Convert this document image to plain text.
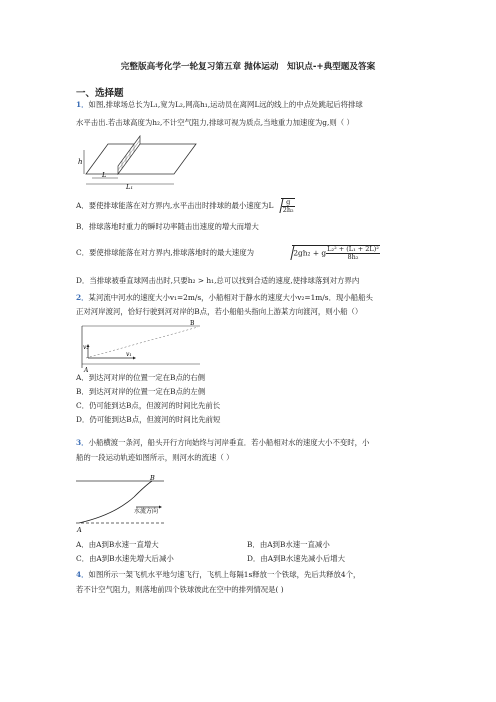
完整版高考化学一轮复习第五章 抛体运动　知识点-+典型题及答案
一、选择题
1．如图,排球场总长为L₁,宽为L₂,网高h₁,运动员在离网L远的线上的中点处跳起后将排球
水平击出.若击球高度为h₂,不计空气阻力,排球可视为质点,当地重力加速度为g,则（ ）
h
L
L₁
A．要使排球能落在对方界内,水平击出时排球的最小速度为L $\frac{g}{\text{2h₂}}$
B．排球落地时重力的瞬时功率随击出速度的增大而增大
C．要使排球能落在对方界内,排球落地时的最大速度为	2gh₂ + g $\frac{\text{L₂² + (L₁ + 2L)²}}{\text{8h₂}}$
D．当排球被垂直球网击出时,只要h₂ > h₁,总可以找到合适的速度,使排球落到对方界内
2．某河流中河水的速度大小v₁=2m/s，小船相对于静水的速度大小v₂=1m/s．现小船船头
正对河岸渡河，恰好行驶到河对岸的B点，若小船船头指向上游某方向渡河，则小船（）
B
A
v₂
v₁
A．到达河对岸的位置一定在B点的右侧
B．到达河对岸的位置一定在B点的左侧
C．仍可能到达B点，但渡河的时间比先前长
D．仍可能到达B点，但渡河的时间比先前短
3．小船横渡一条河，船头开行方向始终与河岸垂直．若小船相对水的速度大小不变时，小
船的一段运动轨迹如图所示，则河水的流速（ ）
B
A
水流方向
A．由A到B水速一直增大	B．由A到B水速一直减小
C．由A到B水速先增大后减小	D．由A到B水速先减小后增大
4．如图所示一架飞机水平地匀速飞行，飞机上每隔1s释放一个铁球，先后共释放4个，
若不计空气阻力，则落地前四个铁球彼此在空中的排列情况是( )
